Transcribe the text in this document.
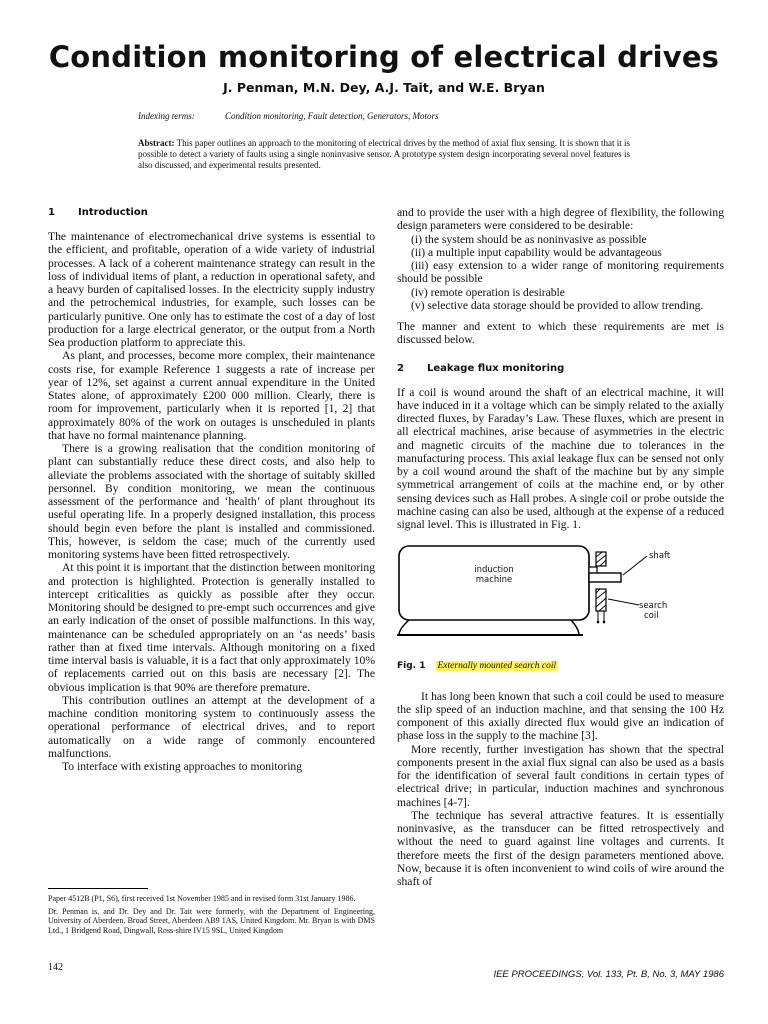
Condition monitoring of electrical drives
J. Penman, M.N. Dey, A.J. Tait, and W.E. Bryan
Indexing terms:	Condition monitoring, Fault detection, Generators, Motors
Abstract: This paper outlines an approach to the monitoring of electrical drives by the method of axial flux sensing. It is shown that it is possible to detect a variety of faults using a single noninvasive sensor. A prototype system design incorporating several novel features is also discussed, and experimental results presented.
1 Introduction

The maintenance of electromechanical drive systems is essential to the efficient, and profitable, operation of a wide variety of industrial processes. A lack of a coherent maintenance strategy can result in the loss of individual items of plant, a reduction in operational safety, and a heavy burden of capitalised losses. In the electricity supply industry and the petrochemical industries, for example, such losses can be particularly punitive. One only has to estimate the cost of a day of lost production for a large electrical generator, or the output from a North Sea production platform to appreciate this.

As plant, and processes, become more complex, their maintenance costs rise, for example Reference 1 suggests a rate of increase per year of 12%, set against a current annual expenditure in the United States alone, of approximately £200 000 million. Clearly, there is room for improvement, particularly when it is reported [1, 2] that approximately 80% of the work on outages is unscheduled in plants that have no formal maintenance planning.

There is a growing realisation that the condition monitoring of plant can substantially reduce these direct costs, and also help to alleviate the problems associated with the shortage of suitably skilled personnel. By condition monitoring, we mean the continuous assessment of the performance and ‘health’ of plant throughout its useful operating life. In a properly designed installation, this process should begin even before the plant is installed and commissioned. This, however, is seldom the case; much of the currently used monitoring systems have been fitted retrospectively.

At this point it is important that the distinction between monitoring and protection is highlighted. Protection is generally installed to intercept criticalities as quickly as possible after they occur. Monitoring should be designed to pre-empt such occurrences and give an early indication of the onset of possible malfunctions. In this way, maintenance can be scheduled appropriately on an ‘as needs’ basis rather than at fixed time intervals. Although monitoring on a fixed time interval basis is valuable, it is a fact that only approximately 10% of replacements carried out on this basis are necessary [2]. The obvious implication is that 90% are therefore premature.

This contribution outlines an attempt at the development of a machine condition monitoring system to continuously assess the operational performance of electrical drives, and to report automatically on a wide range of commonly encountered malfunctions.

To interface with existing approaches to monitoring

and to provide the user with a high degree of flexibility, the following design parameters were considered to be desirable:

(i) the system should be as noninvasive as possible

(ii) a multiple input capability would be advantageous

(iii) easy extension to a wider range of monitoring requirements should be possible

(iv) remote operation is desirable

(v) selective data storage should be provided to allow trending.

The manner and extent to which these requirements are met is discussed below.

2 Leakage flux monitoring

If a coil is wound around the shaft of an electrical machine, it will have induced in it a voltage which can be simply related to the axially directed fluxes, by Faraday’s Law. These fluxes, which are present in all electrical machines, arise because of asymmetries in the electric and magnetic circuits of the machine due to tolerances in the manufacturing process. This axial leakage flux can be sensed not only by a coil wound around the shaft of the machine but by any simple symmetrical arrangement of coils at the machine end, or by other sensing devices such as Hall probes. A single coil or probe outside the machine casing can also be used, although at the expense of a reduced signal level. This is illustrated in Fig. 1.

induction
machine
shaft
search
coil
Fig. 1 Externally mounted search coil

It has long been known that such a coil could be used to measure the slip speed of an induction machine, and that sensing the 100 Hz component of this axially directed flux would give an indication of phase loss in the supply to the machine [3].

More recently, further investigation has shown that the spectral components present in the axial flux signal can also be used as a basis for the identification of several fault conditions in certain types of electrical drive; in particular, induction machines and synchronous machines [4-7].

The technique has several attractive features. It is essentially noninvasive, as the transducer can be fitted retrospectively and without the need to guard against line voltages and currents. It therefore meets the first of the design parameters mentioned above. Now, because it is often inconvenient to wind coils of wire around the shaft of

Paper 4512B (P1, S6), first received 1st November 1985 and in revised form 31st January 1986.

Dr. Penman is, and Dr. Dey and Dr. Tait were formerly, with the Department of Engineering, University of Aberdeen, Broad Street, Aberdeen AB9 1AS, United Kingdom. Mr. Bryan is with DMS Ltd., 1 Bridgend Road, Dingwall, Ross-shire IV15 9SL, United Kingdom

142
IEE PROCEEDINGS, Vol. 133, Pt. B, No. 3, MAY 1986
